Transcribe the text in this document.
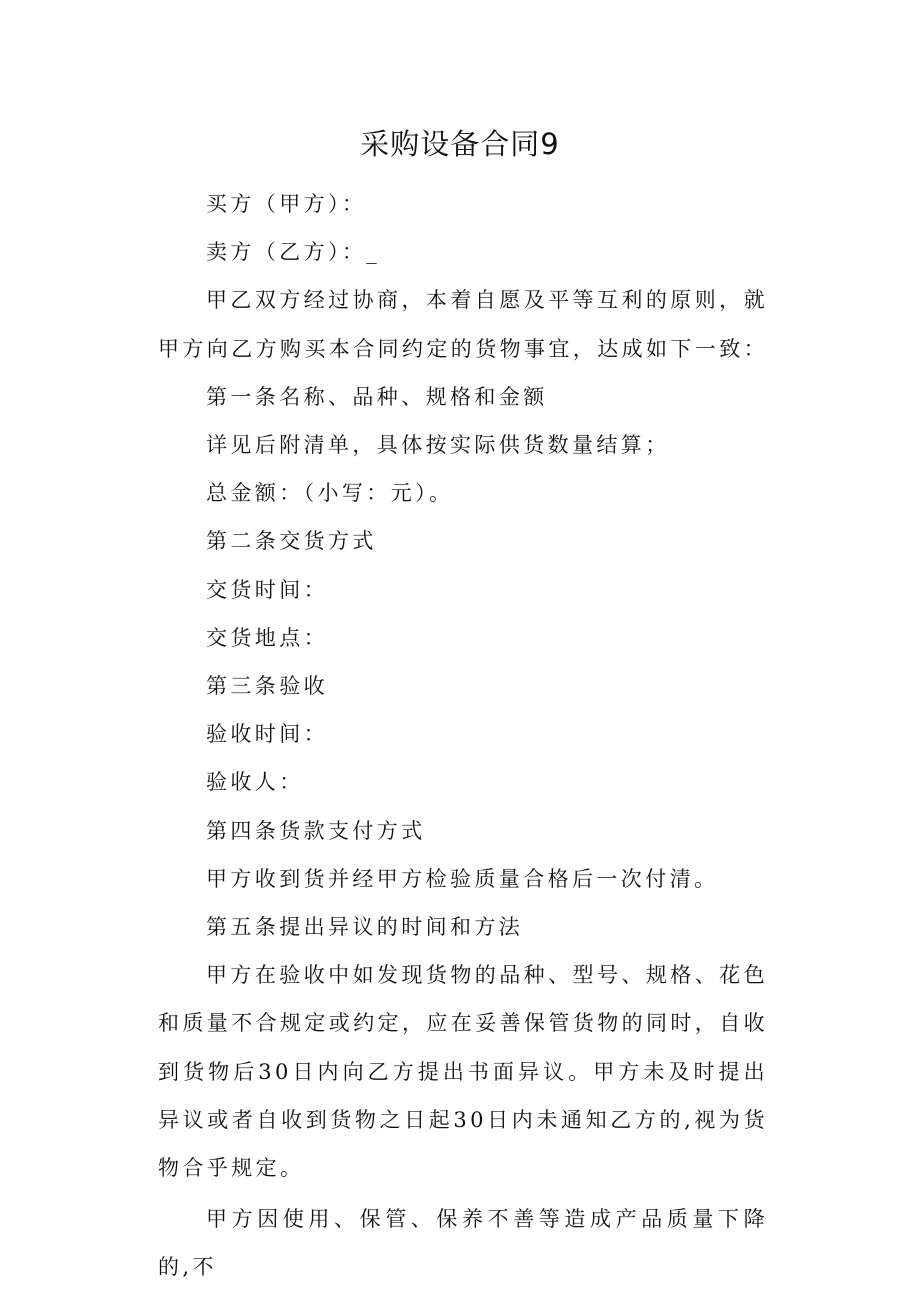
采购设备合同9

买方（甲方）：

卖方（乙方）：_

甲乙双方经过协商，本着自愿及平等互利的原则，就甲方向乙方购买本合同约定的货物事宜，达成如下一致：

第一条名称、品种、规格和金额

详见后附清单，具体按实际供货数量结算；

总金额：（小写：元）。

第二条交货方式

交货时间：

交货地点：

第三条验收

验收时间：

验收人：

第四条货款支付方式

甲方收到货并经甲方检验质量合格后一次付清。

第五条提出异议的时间和方法

甲方在验收中如发现货物的品种、型号、规格、花色和质量不合规定或约定，应在妥善保管货物的同时，自收到货物后30日内向乙方提出书面异议。甲方未及时提出异议或者自收到货物之日起30日内未通知乙方的,视为货物合乎规定。

甲方因使用、保管、保养不善等造成产品质量下降的,不
